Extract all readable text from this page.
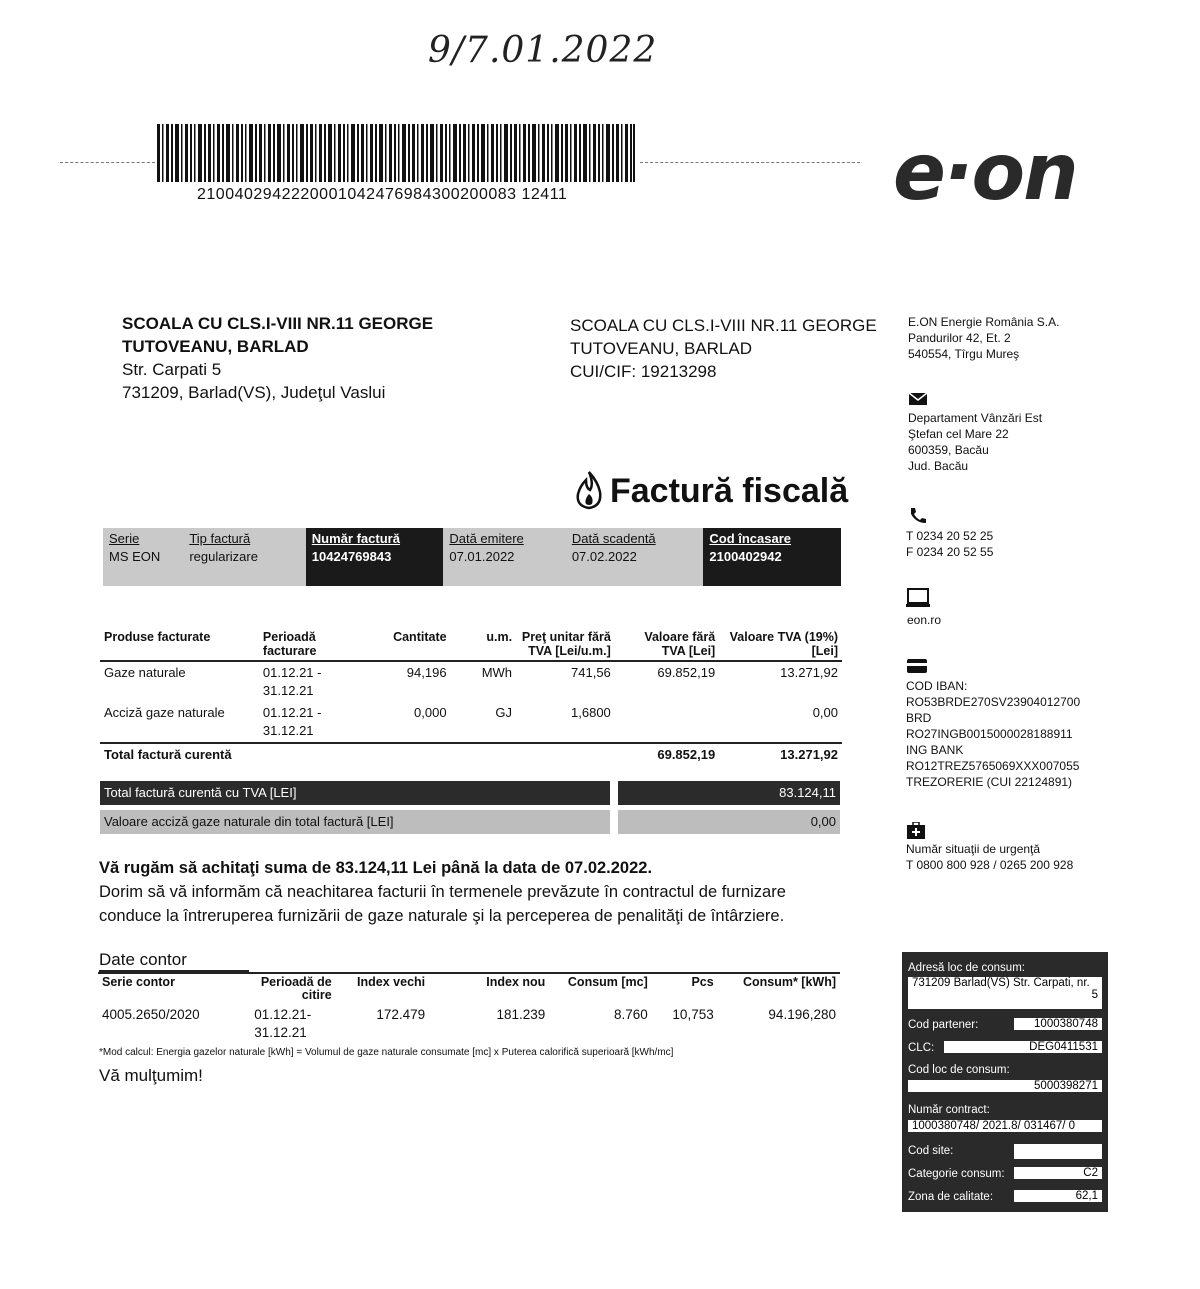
9/7.01.2022
2100402942220001042476984300200083 12411	e·on
SCOALA CU CLS.I-VIII NR.11 GEORGE
TUTOVEANU, BARLAD
Str. Carpati 5
731209, Barlad(VS), Judeţul Vaslui
SCOALA CU CLS.I-VIII NR.11 GEORGE
TUTOVEANU, BARLAD
CUI/CIF: 19213298
E.ON Energie România S.A.
Pandurilor 42, Et. 2
540554, Tîrgu Mureş
Departament Vânzări Est
Ştefan cel Mare 22
600359, Bacău
Jud. Bacău
T 0234 20 52 25
F 0234 20 52 55
eon.ro
COD IBAN:
RO53BRDE270SV23904012700
BRD
RO27INGB0015000028188911
ING BANK
RO12TREZ5765069XXX007055
TREZORERIE (CUI 22124891)
Număr situaţii de urgenţă
T 0800 800 928 / 0265 200 928
Factură fiscală
Serie
MS EON

Tip factură
regularizare

Număr factură
10424769843

Dată emitere
07.01.2022

Dată scadentă
07.02.2022

Cod încasare
2100402942
Produse facturate	Perioadă facturare	Cantitate	u.m.	Preţ unitar fără TVA [Lei/u.m.]	Valoare fără TVA [Lei]	Valoare TVA (19%) [Lei]
Gaze naturale	01.12.21 - 31.12.21	94,196	MWh	741,56	69.852,19	13.271,92
Acciză gaze naturale	01.12.21 - 31.12.21	0,000	GJ	1,6800		0,00
Total factură curentă					69.852,19	13.271,92
Total factură curentă cu TVA [LEI]	83.124,11
Valoare acciză gaze naturale din total factură [LEI]	0,00
Vă rugăm să achitaţi suma de 83.124,11 Lei până la data de 07.02.2022.
Dorim să vă informăm că neachitarea facturii în termenele prevăzute în contractul de furnizare
conduce la întreruperea furnizării de gaze naturale şi la perceperea de penalităţi de întârziere.
Date contor
Serie contor	Perioadă de citire	Index vechi	Index nou	Consum [mc]	Pcs	Consum* [kWh]
4005.2650/2020	01.12.21- 31.12.21	172.479	181.239	8.760	10,753	94.196,280
*Mod calcul: Energia gazelor naturale [kWh] = Volumul de gaze naturale consumate [mc] x Puterea calorifică superioară [kWh/mc]
Vă mulţumim!
Adresă loc de consum:
731209 Barlad(VS) Str. Carpati, nr.
5
Cod partener:	1000380748
CLC:	DEG0411531
Cod loc de consum:
5000398271
Număr contract:
1000380748/ 2021.8/ 031467/ 0
Cod site:
Categorie consum:	C2
Zona de calitate:	62,1
